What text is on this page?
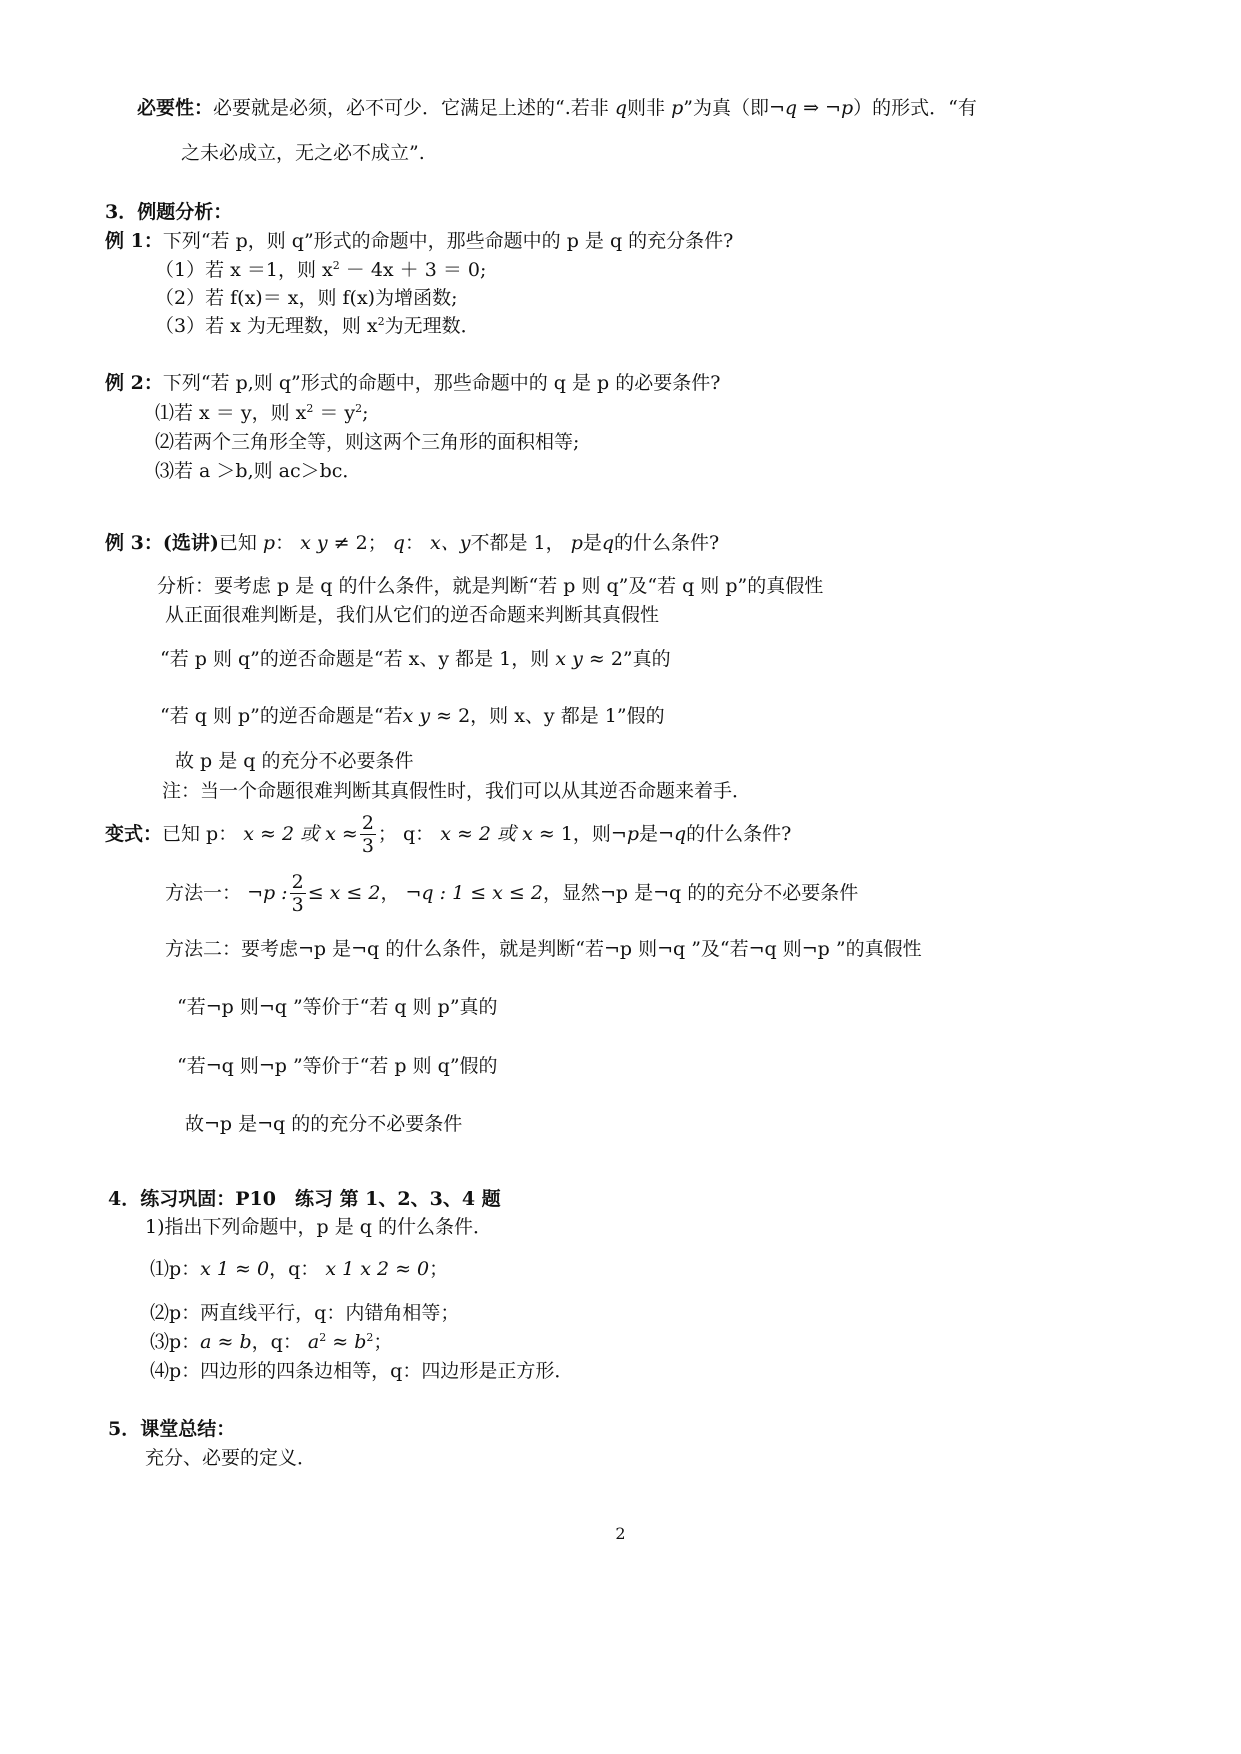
必要性：必要就是必须，必不可少．它满足上述的“.若非 q则非 p”为真（即¬q ⇒ ¬p）的形式．“有
之未必成立，无之必不成立”.
3．例题分析：
例 1：下列“若 p，则 q”形式的命题中，那些命题中的 p 是 q 的充分条件?
（1）若 x ＝1，则 $x^2 - 4x + 3 = 0$;
（2）若 f(x)＝ x，则 f(x)为增函数;
（3）若 x 为无理数，则 $x^2$为无理数．
例 2：下列“若 p,则 q”形式的命题中，那些命题中的 q 是 p 的必要条件?
⑴若 x ＝ y，则 $x^2 = y^2$;
⑵若两个三角形全等，则这两个三角形的面积相等;
⑶若 a ＞b,则 ac＞bc．
例 3：(选讲)已知 p： x y ≠ 2； q： x、y不都是 1， p是q的什么条件?
分析：要考虑 p 是 q 的什么条件，就是判断“若 p 则 q”及“若 q 则 p”的真假性
从正面很难判断是，我们从它们的逆否命题来判断其真假性
“若 p 则 q”的逆否命题是“若 x、y 都是 1，则 x y ≈ 2”真的
“若 q 则 p”的逆否命题是“若x y ≈ 2，则 x、y 都是 1”假的
故 p 是 q 的充分不必要条件
注：当一个命题很难判断其真假性时，我们可以从其逆否命题来着手．
变式：已知 p： x ≈ 2 或 $x \approx \frac{2}{3}$ ； q： x ≈ 2 或 x ≈ 1，则¬p是¬q的什么条件?
方法一： ¬p : $\frac{2}{3} \le x \le 2$， ¬q : 1 ≤ x ≤ 2，显然¬p 是¬q 的的充分不必要条件
方法二：要考虑¬p 是¬q 的什么条件，就是判断“若¬p 则¬q ”及“若¬q 则¬p ”的真假性
“若¬p 则¬q ”等价于“若 q 则 p”真的
“若¬q 则¬p ”等价于“若 p 则 q”假的
故¬p 是¬q 的的充分不必要条件
4．练习巩固：P10　练习 第 1、2、3、4 题
1)指出下列命题中，p 是 q 的什么条件．
⑴p：x 1 ≈ 0，q： x 1 x 2 ≈ 0；
⑵p：两直线平行，q：内错角相等；
⑶p：a ≈ b，q： $a^2 \approx b^2$；
⑷p：四边形的四条边相等，q：四边形是正方形．
5．课堂总结：
充分、必要的定义．
2
